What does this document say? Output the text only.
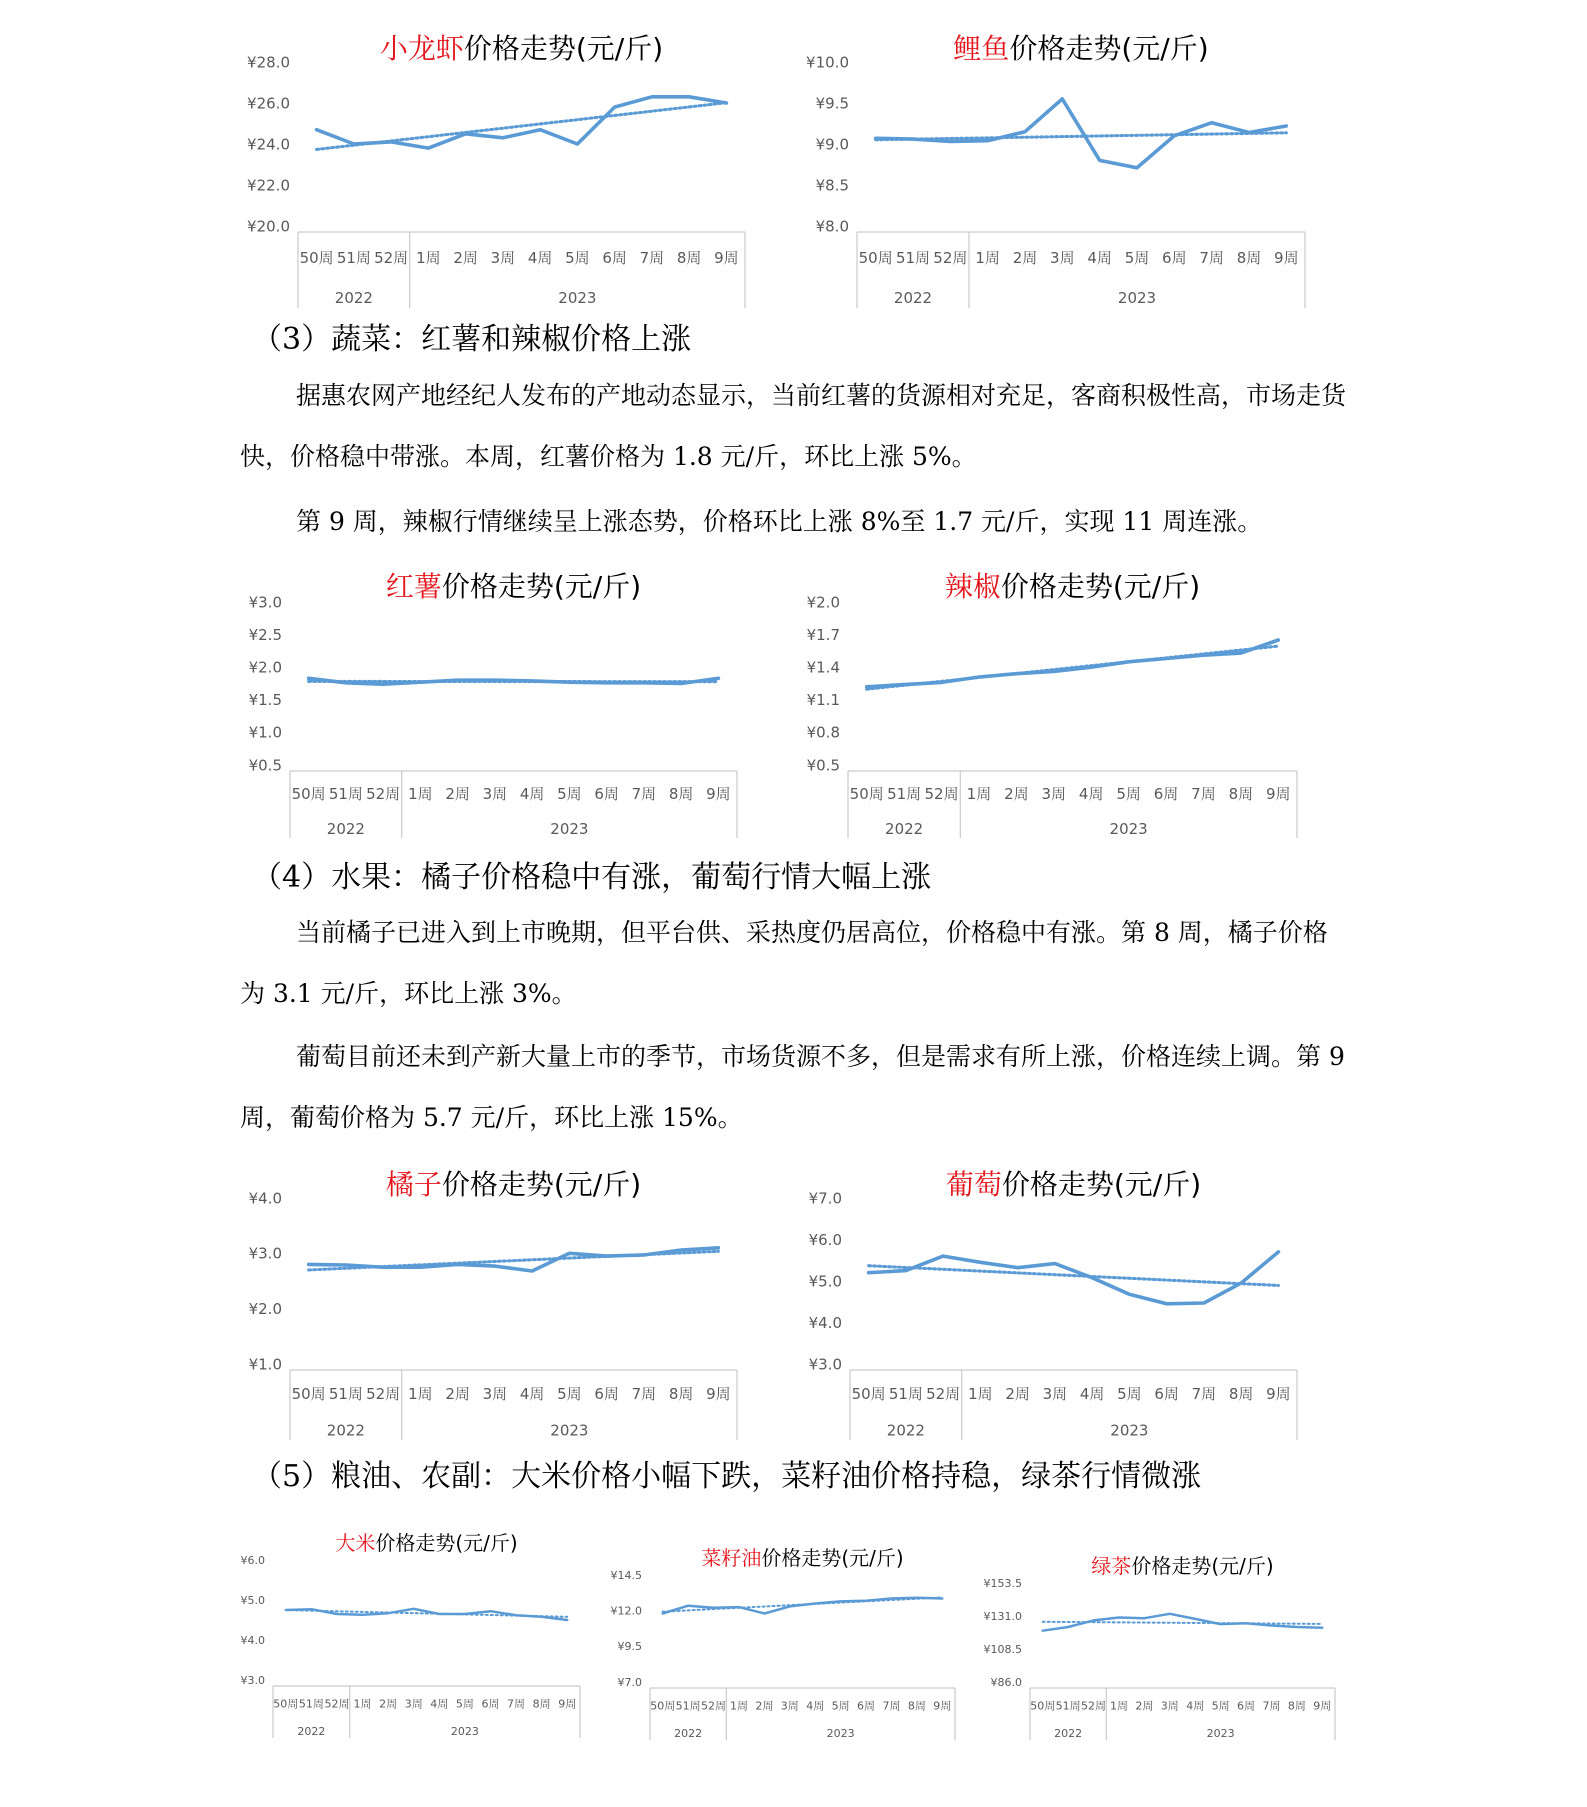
小龙虾价格走势(元/斤)
¥20.0
¥22.0
¥24.0
¥26.0
¥28.0
50周 51周 52周 1周 2周 3周 4周 5周 6周 7周 8周 9周
2022	2023
鲤鱼价格走势(元/斤)
¥8.0
¥8.5
¥9.0
¥9.5
¥10.0
50周 51周 52周 1周 2周 3周 4周 5周 6周 7周 8周 9周
2022	2023
（3）蔬菜：红薯和辣椒价格上涨

据惠农网产地经纪人发布的产地动态显示，当前红薯的货源相对充足，客商积极性高，市场走货快，价格稳中带涨。本周，红薯价格为 1.8 元/斤，环比上涨 5%。

第 9 周，辣椒行情继续呈上涨态势，价格环比上涨 8%至 1.7 元/斤，实现 11 周连涨。

红薯价格走势(元/斤)
¥0.5
¥1.0
¥1.5
¥2.0
¥2.5
¥3.0
50周 51周 52周 1周 2周 3周 4周 5周 6周 7周 8周 9周
2022	2023
辣椒价格走势(元/斤)
¥0.5
¥0.8
¥1.1
¥1.4
¥1.7
¥2.0
50周 51周 52周 1周 2周 3周 4周 5周 6周 7周 8周 9周
2022	2023
（4）水果：橘子价格稳中有涨，葡萄行情大幅上涨

当前橘子已进入到上市晚期，但平台供、采热度仍居高位，价格稳中有涨。第 8 周，橘子价格为 3.1 元/斤，环比上涨 3%。

葡萄目前还未到产新大量上市的季节，市场货源不多，但是需求有所上涨，价格连续上调。第 9 周，葡萄价格为 5.7 元/斤，环比上涨 15%。

橘子价格走势(元/斤)
¥1.0
¥2.0
¥3.0
¥4.0
50周 51周 52周 1周 2周 3周 4周 5周 6周 7周 8周 9周
2022	2023
葡萄价格走势(元/斤)
¥3.0
¥4.0
¥5.0
¥6.0
¥7.0
50周 51周 52周 1周 2周 3周 4周 5周 6周 7周 8周 9周
2022	2023
（5）粮油、农副：大米价格小幅下跌，菜籽油价格持稳，绿茶行情微涨
大米价格走势(元/斤)
¥3.0
¥4.0
¥5.0
¥6.0
50周 51周 52周 1周 2周 3周 4周 5周 6周 7周 8周 9周
2022	2023
菜籽油价格走势(元/斤)
¥7.0
¥9.5
¥12.0
¥14.5
50周 51周 52周 1周 2周 3周 4周 5周 6周 7周 8周 9周
2022	2023
绿茶价格走势(元/斤)
¥86.0
¥108.5
¥131.0
¥153.5
50周 51周 52周 1周 2周 3周 4周 5周 6周 7周 8周 9周
2022	2023
